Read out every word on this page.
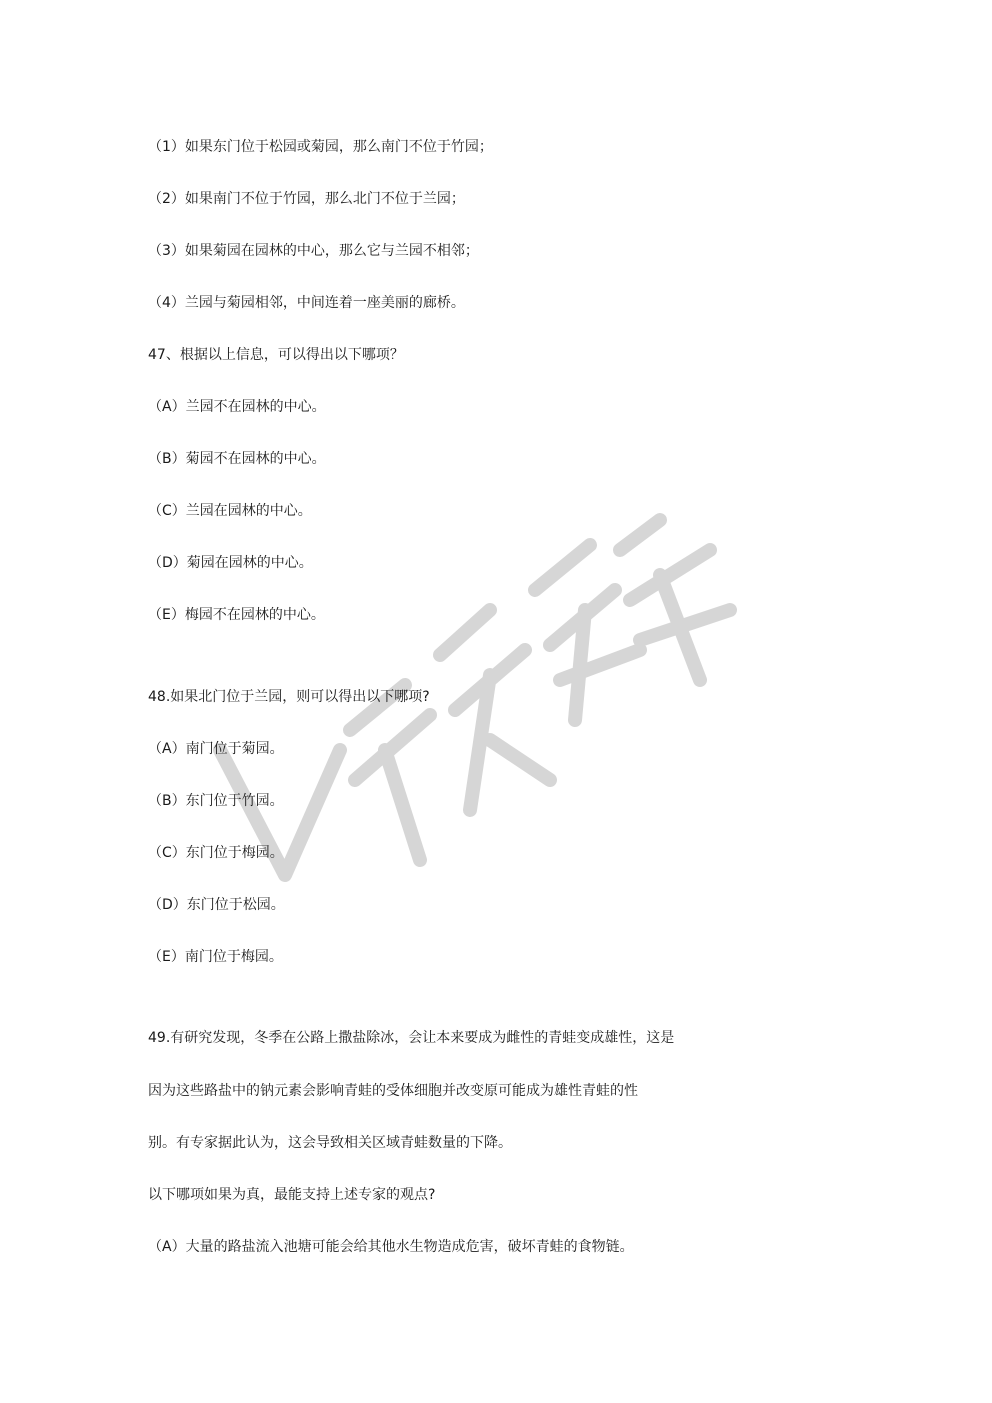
（1）如果东门位于松园或菊园，那么南门不位于竹园；

（2）如果南门不位于竹园，那么北门不位于兰园；

（3）如果菊园在园林的中心，那么它与兰园不相邻；

（4）兰园与菊园相邻，中间连着一座美丽的廊桥。

47、根据以上信息，可以得出以下哪项？

（A）兰园不在园林的中心。

（B）菊园不在园林的中心。

（C）兰园在园林的中心。

（D）菊园在园林的中心。

（E）梅园不在园林的中心。

48.如果北门位于兰园，则可以得出以下哪项?

（A）南门位于菊园。

（B）东门位于竹园。

（C）东门位于梅园。

（D）东门位于松园。

（E）南门位于梅园。

49.有研究发现，冬季在公路上撒盐除冰，会让本来要成为雌性的青蛙变成雄性，这是

因为这些路盐中的钠元素会影响青蛙的受体细胞并改变原可能成为雄性青蛙的性

别。有专家据此认为，这会导致相关区域青蛙数量的下降。

以下哪项如果为真，最能支持上述专家的观点?

（A）大量的路盐流入池塘可能会给其他水生物造成危害，破坏青蛙的食物链。
